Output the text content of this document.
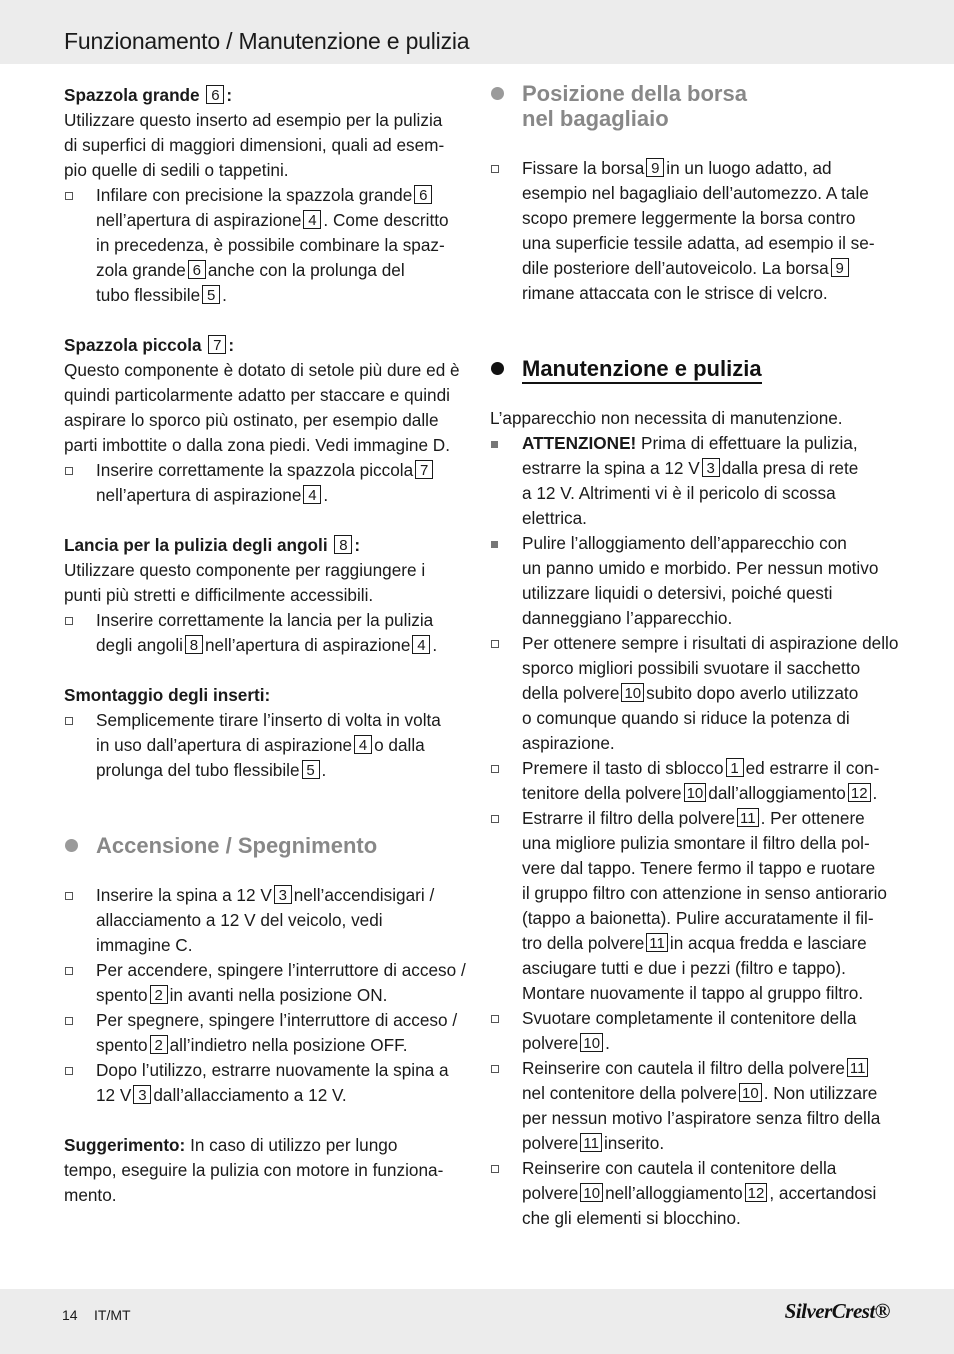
Funzionamento / Manutenzione e pulizia
Spazzola grande 6 :
Utilizzare questo inserto ad esempio per la pulizia
di superfici di maggiori dimensioni, quali ad esem-
pio quelle di sedili o tappetini.
Infilare con precisione la spazzola grande 6
nell’apertura di aspirazione 4 . Come descritto
in precedenza, è possibile combinare la spaz-
zola grande 6 anche con la prolunga del
tubo flessibile 5 .
Spazzola piccola 7 :
Questo componente è dotato di setole più dure ed è
quindi particolarmente adatto per staccare e quindi
aspirare lo sporco più ostinato, per esempio dalle
parti imbottite o dalla zona piedi. Vedi immagine D.
Inserire correttamente la spazzola piccola 7
nell’apertura di aspirazione 4 .
Lancia per la pulizia degli angoli 8 :
Utilizzare questo componente per raggiungere i
punti più stretti e difficilmente accessibili.
Inserire correttamente la lancia per la pulizia
degli angoli 8 nell’apertura di aspirazione 4 .
Smontaggio degli inserti:
Semplicemente tirare l’inserto di volta in volta
in uso dall’apertura di aspirazione 4 o dalla
prolunga del tubo flessibile 5 .
Accensione / Spegnimento
Inserire la spina a 12 V 3 nell’accendisigari /
allacciamento a 12 V del veicolo, vedi
immagine C.
Per accendere, spingere l’interruttore di acceso /
spento 2 in avanti nella posizione ON.
Per spegnere, spingere l’interruttore di acceso /
spento 2 all’indietro nella posizione OFF.
Dopo l’utilizzo, estrarre nuovamente la spina a
12 V 3 dall’allacciamento a 12 V.
Suggerimento: In caso di utilizzo per lungo
tempo, eseguire la pulizia con motore in funziona-
mento.
Posizione della borsa
nel bagagliaio
Fissare la borsa 9 in un luogo adatto, ad
esempio nel bagagliaio dell’automezzo. A tale
scopo premere leggermente la borsa contro
una superficie tessile adatta, ad esempio il se-
dile posteriore dell’autoveicolo. La borsa 9
rimane attaccata con le strisce di velcro.
Manutenzione e pulizia
L’apparecchio non necessita di manutenzione.
ATTENZIONE! Prima di effettuare la pulizia,
estrarre la spina a 12 V 3 dalla presa di rete
a 12 V. Altrimenti vi è il pericolo di scossa
elettrica.
Pulire l’alloggiamento dell’apparecchio con
un panno umido e morbido. Per nessun motivo
utilizzare liquidi o detersivi, poiché questi
danneggiano l’apparecchio.
Per ottenere sempre i risultati di aspirazione dello
sporco migliori possibili svuotare il sacchetto
della polvere 10 subito dopo averlo utilizzato
o comunque quando si riduce la potenza di
aspirazione.
Premere il tasto di sblocco 1 ed estrarre il con-
tenitore della polvere 10 dall’alloggiamento 12 .
Estrarre il filtro della polvere 11 . Per ottenere
una migliore pulizia smontare il filtro della pol-
vere dal tappo. Tenere fermo il tappo e ruotare
il gruppo filtro con attenzione in senso antiorario
(tappo a baionetta). Pulire accuratamente il fil-
tro della polvere 11 in acqua fredda e lasciare
asciugare tutti e due i pezzi (filtro e tappo).
Montare nuovamente il tappo al gruppo filtro.
Svuotare completamente il contenitore della
polvere 10 .
Reinserire con cautela il filtro della polvere 11
nel contenitore della polvere 10 . Non utilizzare
per nessun motivo l’aspiratore senza filtro della
polvere 11 inserito.
Reinserire con cautela il contenitore della
polvere 10 nell’alloggiamento 12 , accertandosi
che gli elementi si blocchino.
14 IT/MT	SilverCrest®
